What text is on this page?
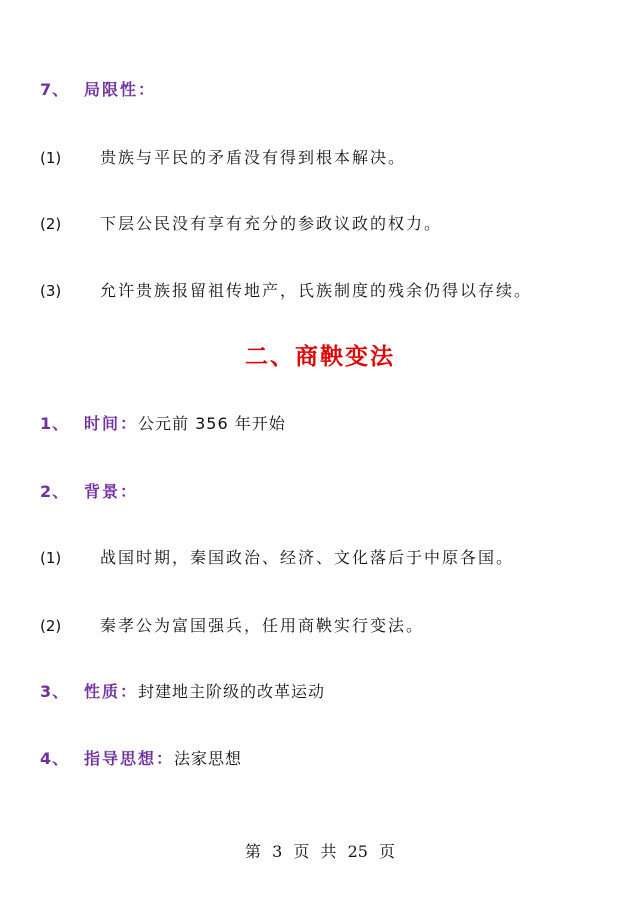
7、 局限性：
(1) 贵族与平民的矛盾没有得到根本解决。
(2) 下层公民没有享有充分的参政议政的权力。
(3) 允许贵族报留祖传地产，氏族制度的残余仍得以存续。
二、商鞅变法
1、 时间：公元前 356 年开始
2、 背景：
(1) 战国时期，秦国政治、经济、文化落后于中原各国。
(2) 秦孝公为富国强兵，任用商鞅实行变法。
3、 性质：封建地主阶级的改革运动
4、 指导思想：法家思想
第 3 页 共 25 页
